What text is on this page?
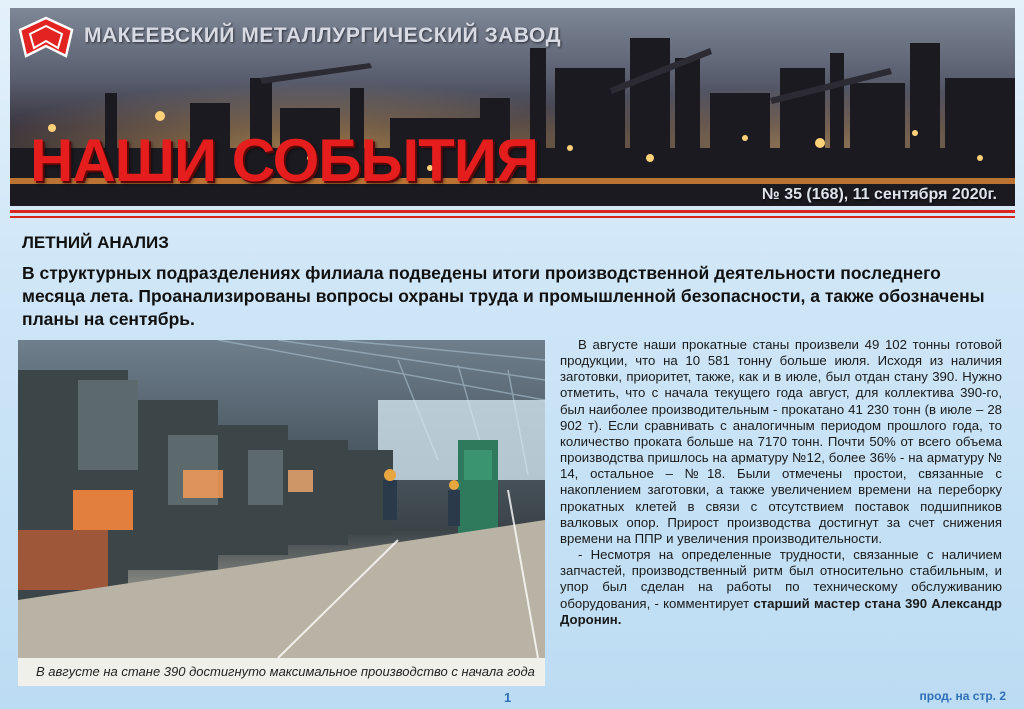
МАКЕЕВСКИЙ МЕТАЛЛУРГИЧЕСКИЙ ЗАВОД
НАШИ СОБЫТИЯ
№ 35 (168), 11 сентября 2020г.
ЛЕТНИЙ АНАЛИЗ
В структурных подразделениях филиала подведены итоги производственной деятельности последнего месяца лета. Проанализированы вопросы охраны труда и промышленной безопасности, а также обозначены планы на сентябрь.
В августе на стане 390 достигнуто максимальное производство с начала года

В августе наши прокатные станы произвели 49 102 тонны готовой продукции, что на 10 581 тонну больше июля. Исходя из наличия заготовки, приоритет, также, как и в июле, был отдан стану 390. Нужно отметить, что с начала текущего года август, для коллектива 390-го, был наиболее производительным - прокатано 41 230 тонн (в июле – 28 902 т). Если сравнивать с аналогичным периодом прошлого года, то количество проката больше на 7170 тонн. Почти 50% от всего объема производства пришлось на арматуру №12, более 36% - на арматуру № 14, остальное – №18. Были отмечены простои, связанные с накоплением заготовки, а также увеличением времени на переборку прокатных клетей в связи с отсутствием поставок подшипников валковых опор. Прирост производства достигнут за счет снижения времени на ППР и увеличения производительности.

- Несмотря на определенные трудности, связанные с наличием запчастей, производственный ритм был относительно стабильным, и упор был сделан на работы по техническому обслуживанию оборудования, - комментирует старший мастер стана 390 Александр Доронин.

1	прод. на стр. 2
